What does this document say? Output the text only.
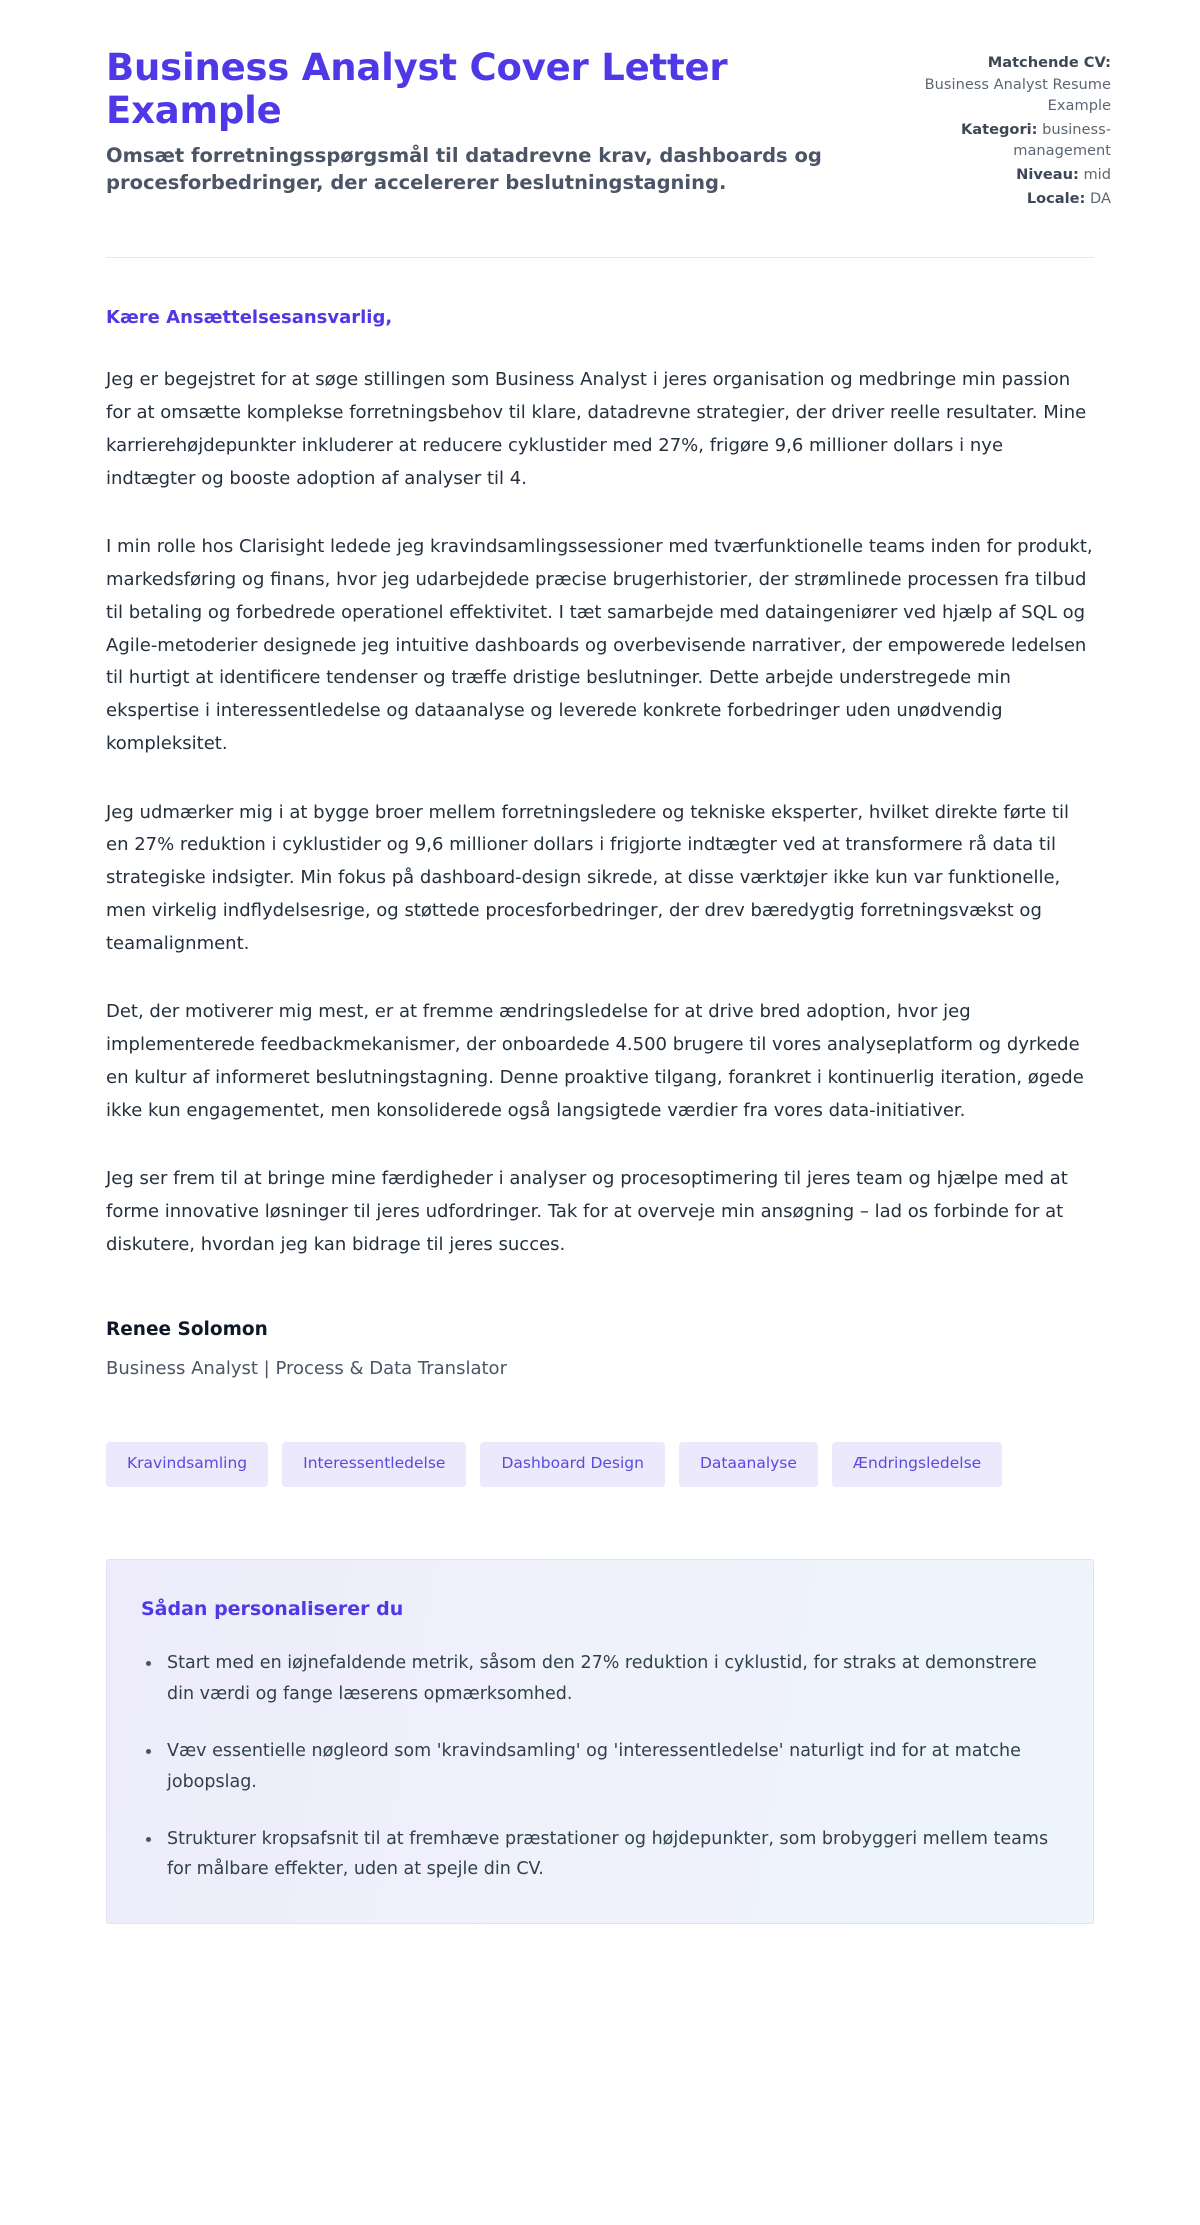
Business Analyst Cover Letter Example

Omsæt forretningsspørgsmål til datadrevne krav, dashboards og procesforbedringer, der accelererer beslutningstagning.

Matchende CV:
Business Analyst Resume Example

Kategori: business-management

Niveau: mid

Locale: DA

Kære Ansættelsesansvarlig,

Jeg er begejstret for at søge stillingen som Business Analyst i jeres organisation og medbringe min passion for at omsætte komplekse forretningsbehov til klare, datadrevne strategier, der driver reelle resultater. Mine karrierehøjdepunkter inkluderer at reducere cyklustider med 27%, frigøre 9,6 millioner dollars i nye indtægter og booste adoption af analyser til 4.

I min rolle hos Clarisight ledede jeg kravindsamlingssessioner med tværfunktionelle teams inden for produkt, markedsføring og finans, hvor jeg udarbejdede præcise brugerhistorier, der strømlinede processen fra tilbud til betaling og forbedrede operationel effektivitet. I tæt samarbejde med dataingeniører ved hjælp af SQL og Agile-metoderier designede jeg intuitive dashboards og overbevisende narrativer, der empowerede ledelsen til hurtigt at identificere tendenser og træffe dristige beslutninger. Dette arbejde understregede min ekspertise i interessentledelse og dataanalyse og leverede konkrete forbedringer uden unødvendig kompleksitet.

Jeg udmærker mig i at bygge broer mellem forretningsledere og tekniske eksperter, hvilket direkte førte til en 27% reduktion i cyklustider og 9,6 millioner dollars i frigjorte indtægter ved at transformere rå data til strategiske indsigter. Min fokus på dashboard-design sikrede, at disse værktøjer ikke kun var funktionelle, men virkelig indflydelsesrige, og støttede procesforbedringer, der drev bæredygtig forretningsvækst og teamalignment.

Det, der motiverer mig mest, er at fremme ændringsledelse for at drive bred adoption, hvor jeg implementerede feedbackmekanismer, der onboardede 4.500 brugere til vores analyseplatform og dyrkede en kultur af informeret beslutningstagning. Denne proaktive tilgang, forankret i kontinuerlig iteration, øgede ikke kun engagementet, men konsoliderede også langsigtede værdier fra vores data-initiativer.

Jeg ser frem til at bringe mine færdigheder i analyser og procesoptimering til jeres team og hjælpe med at forme innovative løsninger til jeres udfordringer. Tak for at overveje min ansøgning – lad os forbinde for at diskutere, hvordan jeg kan bidrage til jeres succes.

Renee Solomon

Business Analyst | Process & Data Translator

Kravindsamling	Interessentledelse	Dashboard Design	Dataanalyse	Ændringsledelse

Sådan personaliserer du

Start med en iøjnefaldende metrik, såsom den 27% reduktion i cyklustid, for straks at demonstrere din værdi og fange læserens opmærksomhed.
Væv essentielle nøgleord som 'kravindsamling' og 'interessentledelse' naturligt ind for at matche jobopslag.
Strukturer kropsafsnit til at fremhæve præstationer og højdepunkter, som brobyggeri mellem teams for målbare effekter, uden at spejle din CV.
